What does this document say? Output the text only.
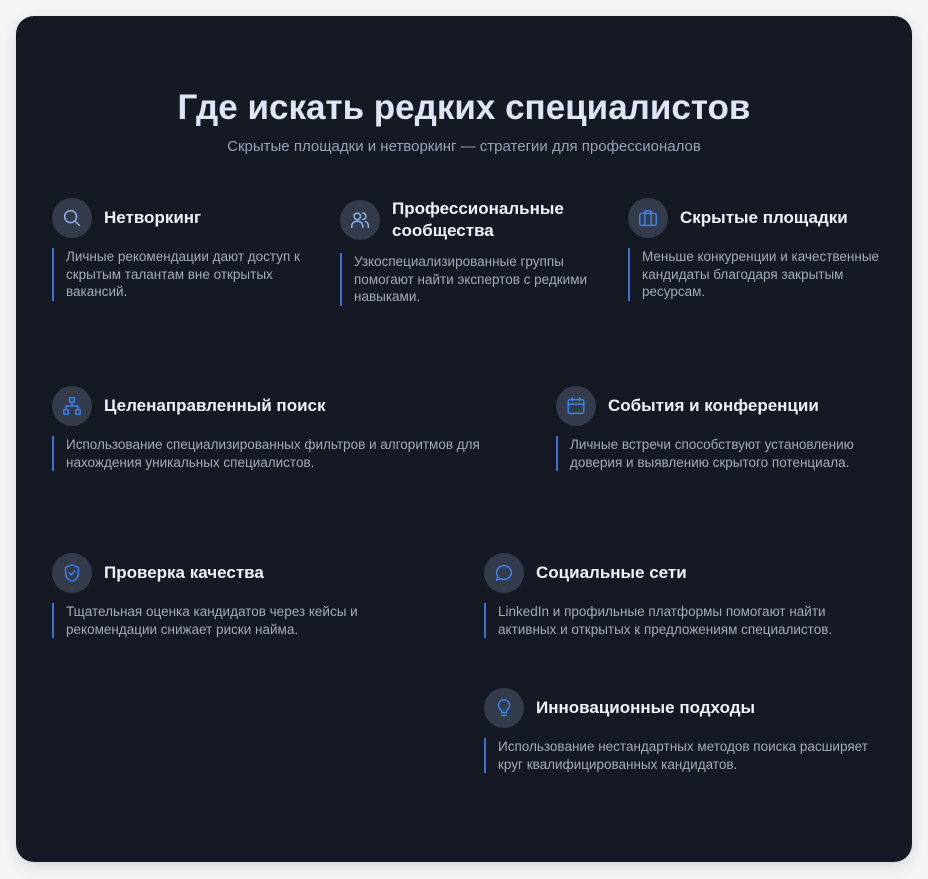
Где искать редких специалистов

Скрытые площадки и нетворкинг — стратегии для профессионалов

Нетворкинг
Личные рекомендации дают доступ к скрытым талантам вне открытых вакансий.
Профессиональные сообщества
Узкоспециализированные группы помогают найти экспертов с редкими навыками.
Скрытые площадки
Меньше конкуренции и качественные кандидаты благодаря закрытым ресурсам.
Целенаправленный поиск
Использование специализированных фильтров и алгоритмов для нахождения уникальных специалистов.
События и конференции
Личные встречи способствуют установлению доверия и выявлению скрытого потенциала.
Проверка качества
Тщательная оценка кандидатов через кейсы и рекомендации снижает риски найма.
Социальные сети
LinkedIn и профильные платформы помогают найти активных и открытых к предложениям специалистов.
Инновационные подходы
Использование нестандартных методов поиска расширяет круг квалифицированных кандидатов.
